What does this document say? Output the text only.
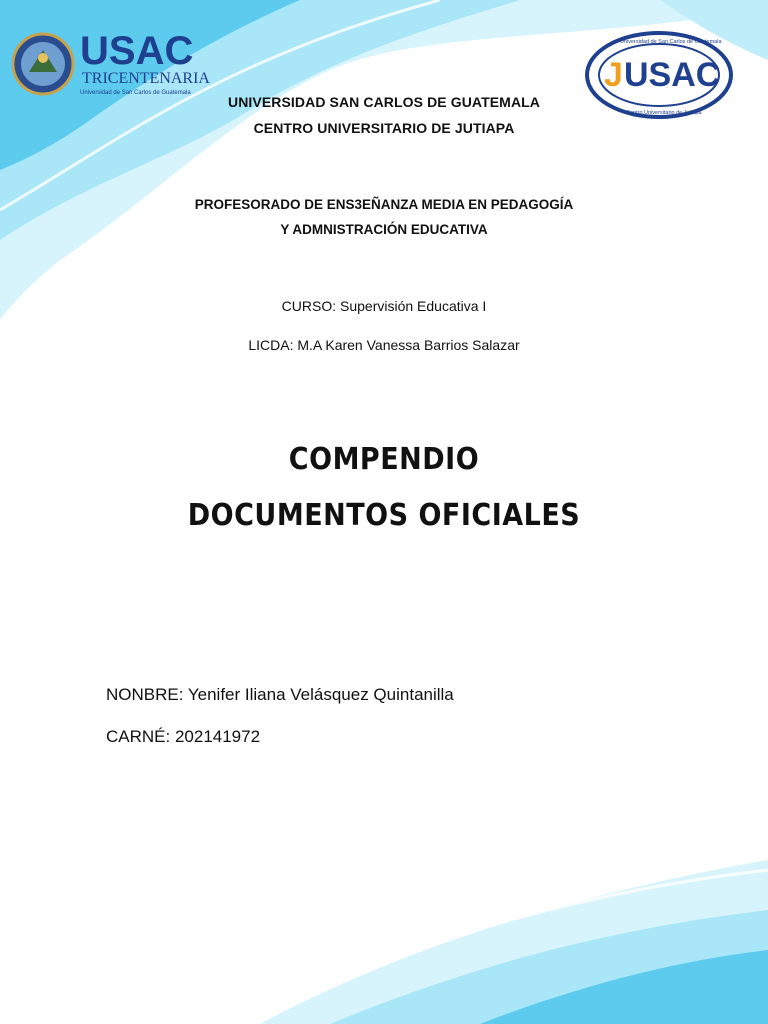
USAC
TRICENTENARIA
Universidad de San Carlos de Guatemala	J USAC
Universidad de San Carlos de Guatemala
Centro Universitario de Jutiapa
UNIVERSIDAD SAN CARLOS DE GUATEMALA
CENTRO UNIVERSITARIO DE JUTIAPA
PROFESORADO DE ENS3EÑANZA MEDIA EN PEDAGOGÍA
Y ADMNISTRACIÓN EDUCATIVA
CURSO: Supervisión Educativa I
LICDA: M.A Karen Vanessa Barrios Salazar
COMPENDIO
DOCUMENTOS OFICIALES
NONBRE: Yenifer Iliana Velásquez Quintanilla
CARNÉ: 202141972
